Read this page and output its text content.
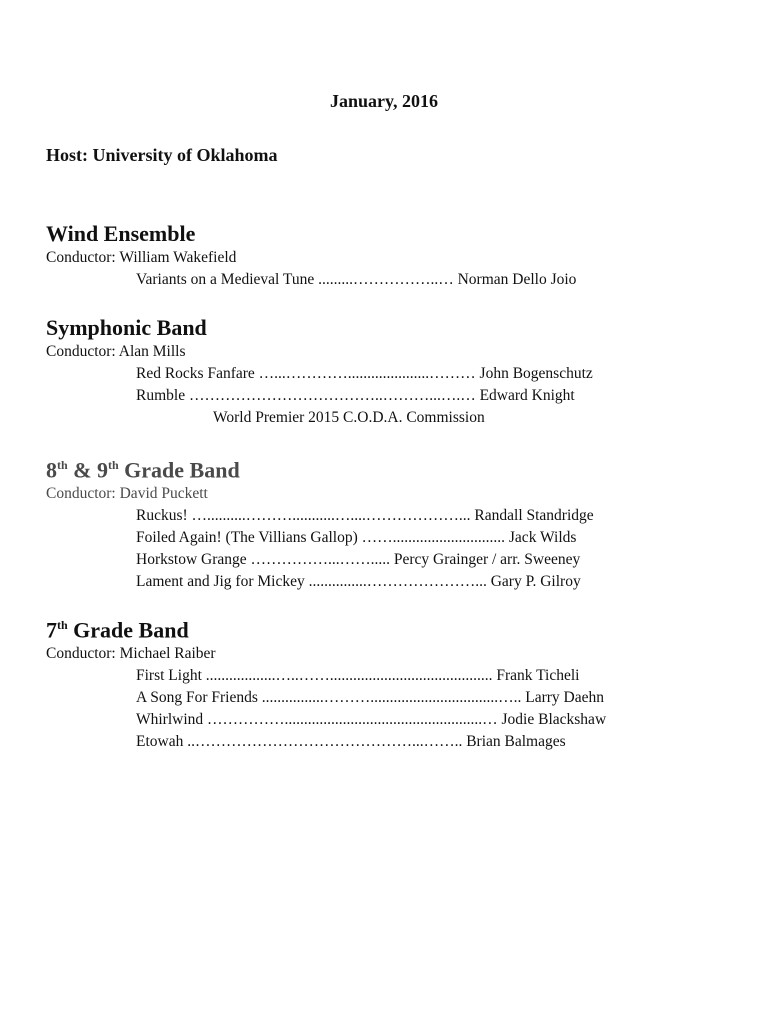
January, 2016
Host: University of Oklahoma
Wind Ensemble
Conductor: William Wakefield
Variants on a Medieval Tune .........……………..… Norman Dello Joio
Symphonic Band
Conductor: Alan Mills
Red Rocks Fanfare …...………….....................……… John Bogenschutz
Rumble ………………………………..………...….… Edward Knight
World Premier 2015 C.O.D.A. Commission
8th & 9th Grade Band
Conductor: David Puckett
Ruckus! …..........………...........…....………………... Randall Standridge
Foiled Again! (The Villians Gallop) ……............................. Jack Wilds
Horkstow Grange ……………...……..... Percy Grainger / arr. Sweeney
Lament and Jig for Mickey ...............…………………... Gary P. Gilroy
7th Grade Band
Conductor: Michael Raiber
First Light ..................…..…….......................................... Frank Ticheli
A Song For Friends ................……….................................….. Larry Daehn
Whirlwind ……………...................................................… Jodie Blackshaw
Etowah ..……………………………………...…….. Brian Balmages
